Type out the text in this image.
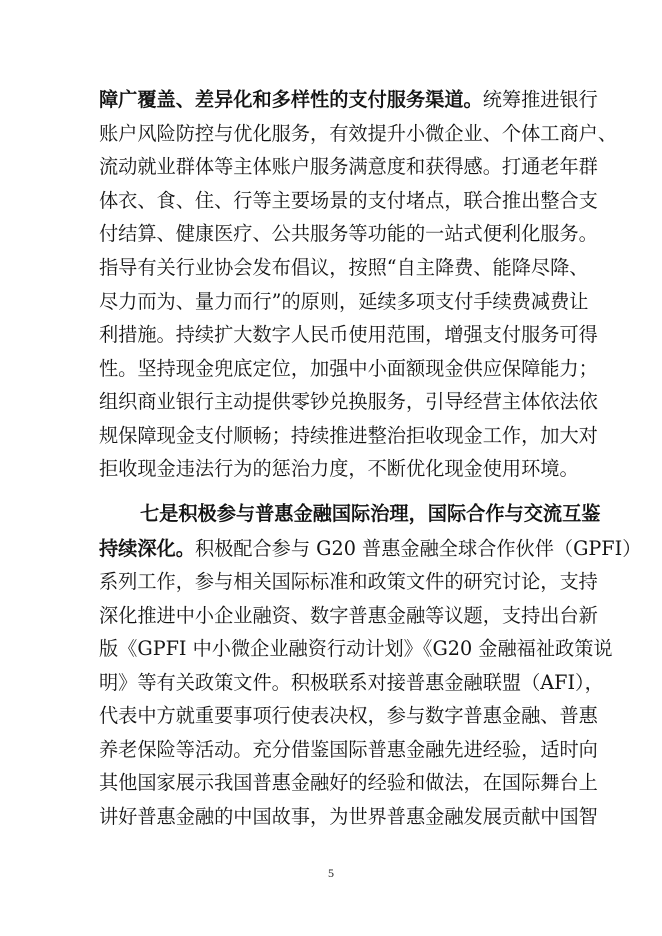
障广覆盖、差异化和多样性的支付服务渠道。统筹推进银行
账户风险防控与优化服务，有效提升小微企业、个体工商户、
流动就业群体等主体账户服务满意度和获得感。打通老年群
体衣、食、住、行等主要场景的支付堵点，联合推出整合支
付结算、健康医疗、公共服务等功能的一站式便利化服务。
指导有关行业协会发布倡议，按照“自主降费、能降尽降、
尽力而为、量力而行”的原则，延续多项支付手续费减费让
利措施。持续扩大数字人民币使用范围，增强支付服务可得
性。坚持现金兜底定位，加强中小面额现金供应保障能力；
组织商业银行主动提供零钞兑换服务，引导经营主体依法依
规保障现金支付顺畅；持续推进整治拒收现金工作，加大对
拒收现金违法行为的惩治力度，不断优化现金使用环境。
七是积极参与普惠金融国际治理，国际合作与交流互鉴
持续深化。积极配合参与 G20 普惠金融全球合作伙伴（GPFI）
系列工作，参与相关国际标准和政策文件的研究讨论，支持
深化推进中小企业融资、数字普惠金融等议题，支持出台新
版《GPFI 中小微企业融资行动计划》《G20 金融福祉政策说
明》等有关政策文件。积极联系对接普惠金融联盟（AFI），
代表中方就重要事项行使表决权，参与数字普惠金融、普惠
养老保险等活动。充分借鉴国际普惠金融先进经验，适时向
其他国家展示我国普惠金融好的经验和做法，在国际舞台上
讲好普惠金融的中国故事，为世界普惠金融发展贡献中国智
5
